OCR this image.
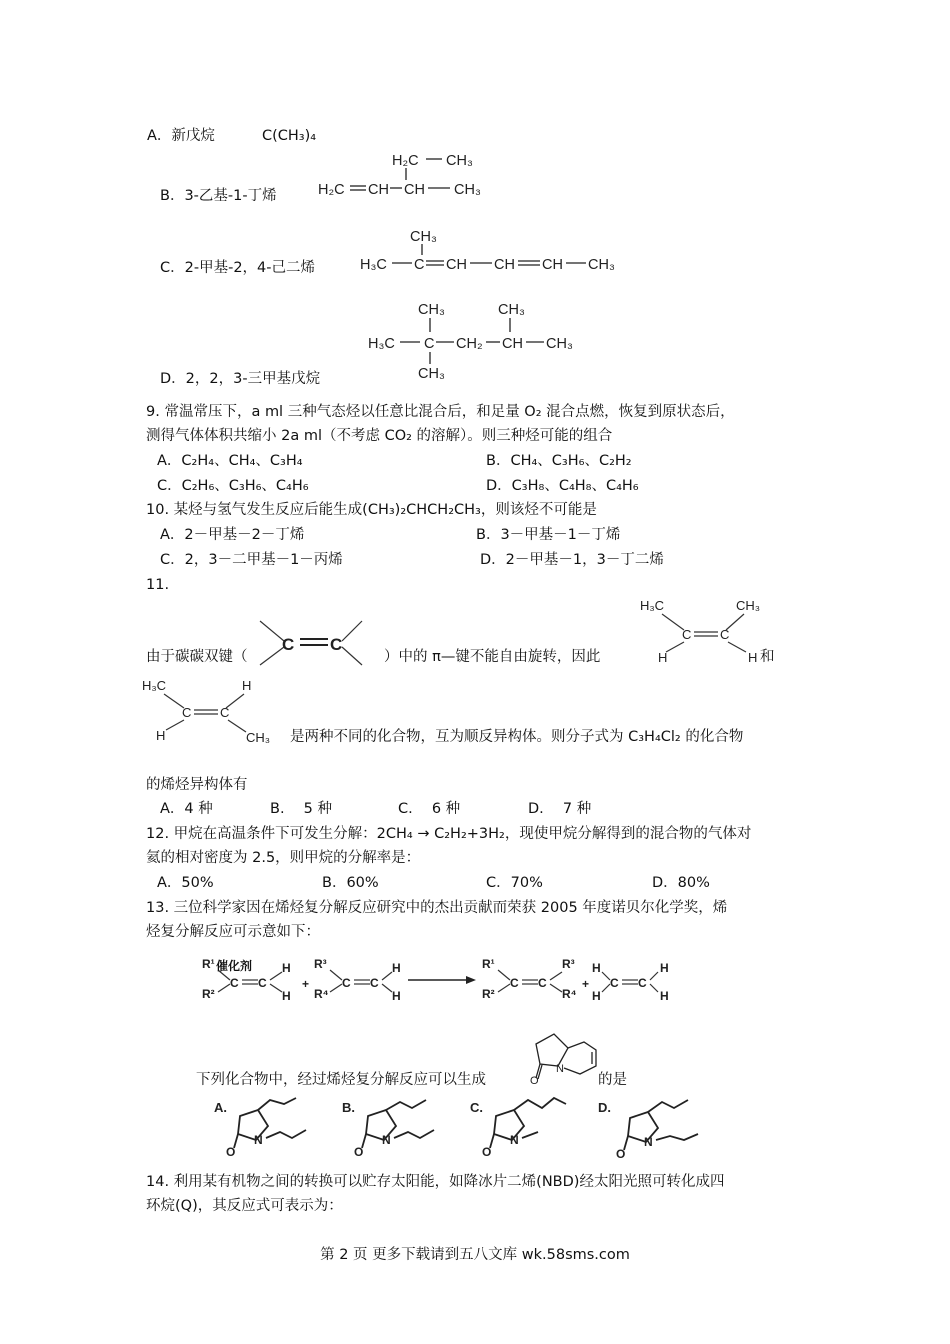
A．新戊烷	C(CH₃)₄
H₂C CH₃
H₂C CH CH CH₃
B．3-乙基-1-丁烯
CH₃
H₃C C CH CH CH CH₃
C．2-甲基-2，4-己二烯
CH₃	CH₃
H₃C C CH₂ CH CH₃
CH₃
D．2，2，3-三甲基戊烷
9. 常温常压下，a ml 三种气态烃以任意比混合后，和足量 O₂ 混合点燃，恢复到原状态后，
测得气体体积共缩小 2a ml（不考虑 CO₂ 的溶解）。则三种烃可能的组合
A．C₂H₄、CH₄、C₃H₄	B．CH₄、C₃H₆、C₂H₂
C．C₂H₆、C₃H₆、C₄H₆	D．C₃H₈、C₄H₈、C₄H₆
10. 某烃与氢气发生反应后能生成(CH₃)₂CHCH₂CH₃，则该烃不可能是
A．2－甲基－2－丁烯	B．3－甲基－1－丁烯
C．2，3－二甲基－1－丙烯	D．2－甲基－1，3－丁二烯
11.
由于碳碳双键（
C C
）中的 π—键不能自由旋转，因此
H₃C	CH₃
C C
H	H 和
H₃C	H
C C
H	CH₃ 是两种不同的化合物，互为顺反异构体。则分子式为 C₃H₄Cl₂ 的化合物
的烯烃异构体有
A．4 种	B.　 5 种	C.　 6 种	D.　 7 种
12. 甲烷在高温条件下可发生分解：2CH₄ → C₂H₂+3H₂，现使甲烷分解得到的混合物的气体对
氦的相对密度为 2.5，则甲烷的分解率是：
A．50%	B．60%	C．70%	D．80%
13. 三位科学家因在烯烃复分解反应研究中的杰出贡献而荣获 2005 年度诺贝尔化学奖，烯
烃复分解反应可示意如下：
R¹
R²
C C
H
H
+
R³
R⁴
C C
H
H
R¹
R²
C C
R³
R⁴
+
H
H
C C
H
H
催化剂
O
N
下列化合物中，经过烯烃复分解反应可以生成	的是
A.
O
N
B.
O
N
C.
O
N
D.
O
N
14. 利用某有机物之间的转换可以贮存太阳能，如降冰片二烯(NBD)经太阳光照可转化成四
环烷(Q)，其反应式可表示为：
第 2 页 更多下载请到五八文库 wk.58sms.com
